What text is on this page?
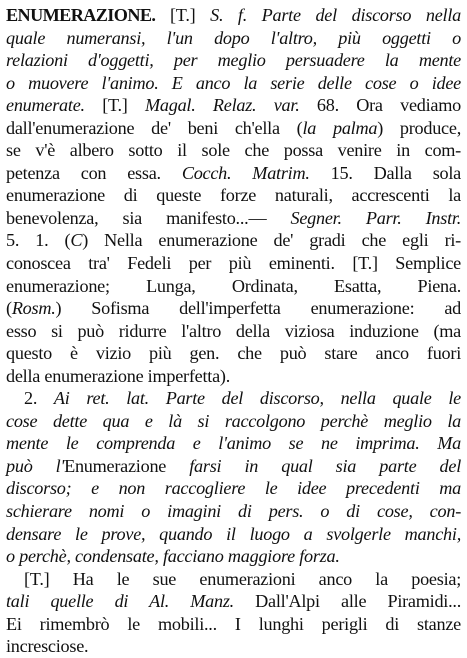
ENUMERAZIONE. [T.] S. f. Parte del discorso nella
quale numeransi, l'un dopo l'altro, più oggetti o
relazioni d'oggetti, per meglio persuadere la mente
o muovere l'animo. E anco la serie delle cose o idee
enumerate. [T.] Magal. Relaz. var. 68. Ora vediamo
dall'enumerazione de' beni ch'ella (la palma) produce,
se v'è albero sotto il sole che possa venire in com-
petenza con essa. Cocch. Matrim. 15. Dalla sola
enumerazione di queste forze naturali, accrescenti la
benevolenza, sia manifesto...— Segner. Parr. Instr.
5. 1. (C) Nella enumerazione de' gradi che egli ri-
conoscea tra' Fedeli per più eminenti. [T.] Semplice
enumerazione; Lunga, Ordinata, Esatta, Piena.
(Rosm.) Sofisma dell'imperfetta enumerazione: ad
esso si può ridurre l'altro della viziosa induzione (ma
questo è vizio più gen. che può stare anco fuori
della enumerazione imperfetta).
2. Ai ret. lat. Parte del discorso, nella quale le
cose dette qua e là si raccolgono perchè meglio la
mente le comprenda e l'animo se ne imprima. Ma
può l'Enumerazione farsi in qual sia parte del
discorso; e non raccogliere le idee precedenti ma
schierare nomi o imagini di pers. o di cose, con-
densare le prove, quando il luogo a svolgerle manchi,
o perchè, condensate, facciano maggiore forza.
[T.] Ha le sue enumerazioni anco la poesia;
tali quelle di Al. Manz. Dall'Alpi alle Piramidi...
Ei rimembrò le mobili... I lunghi perigli di stanze
incresciose.
